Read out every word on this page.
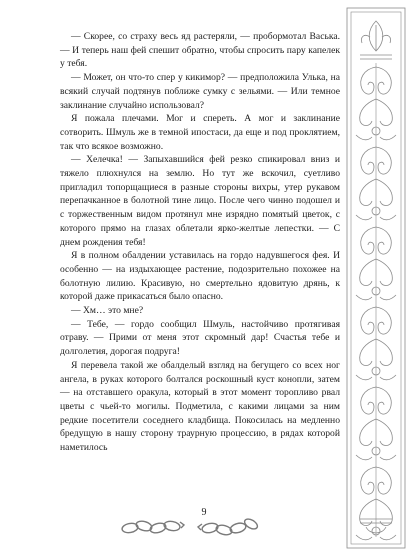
— Скорее, со страху весь яд растеряли, — пробормотал Васька. — И теперь наш фей спешит обратно, чтобы спросить пару капелек у тебя.

— Может, он что-то спер у кикимор? — предположила Улька, на всякий случай подтянув поближе сумку с зельями. — Или темное заклинание случайно использовал?

Я пожала плечами. Мог и спереть. А мог и заклинание сотворить. Шмуль же в темной ипостаси, да еще и под проклятием, так что всякое возможно.

— Хелечка! — Запыхавшийся фей резко спикировал вниз и тяжело плюхнулся на землю. Но тут же вскочил, суетливо пригладил топорщащиеся в разные стороны вихры, утер рукавом перепачканное в болотной тине лицо. После чего чинно подошел и с торжественным видом протянул мне изрядно помятый цветок, с которого прямо на глазах облетали ярко-желтые лепестки. — С днем рождения тебя!

Я в полном обалдении уставилась на гордо надувшегося фея. И особенно — на издыхающее растение, подозрительно похожее на болотную лилию. Красивую, но смертельно ядовитую дрянь, к которой даже прикасаться было опасно.

— Хм… это мне?

— Тебе, — гордо сообщил Шмуль, настойчиво протягивая отраву. — Прими от меня этот скромный дар! Счастья тебе и долголетия, дорогая подруга!

Я перевела такой же обалделый взгляд на бегущего со всех ног ангела, в руках которого болтался роскошный куст конопли, затем — на отставшего оракула, который в этот момент торопливо рвал цветы с чьей-то могилы. Подметила, с какими лицами за ним редкие посетители соседнего кладбища. Покосилась на медленно бредущую в нашу сторону траурную процессию, в рядах которой наметилось

9
